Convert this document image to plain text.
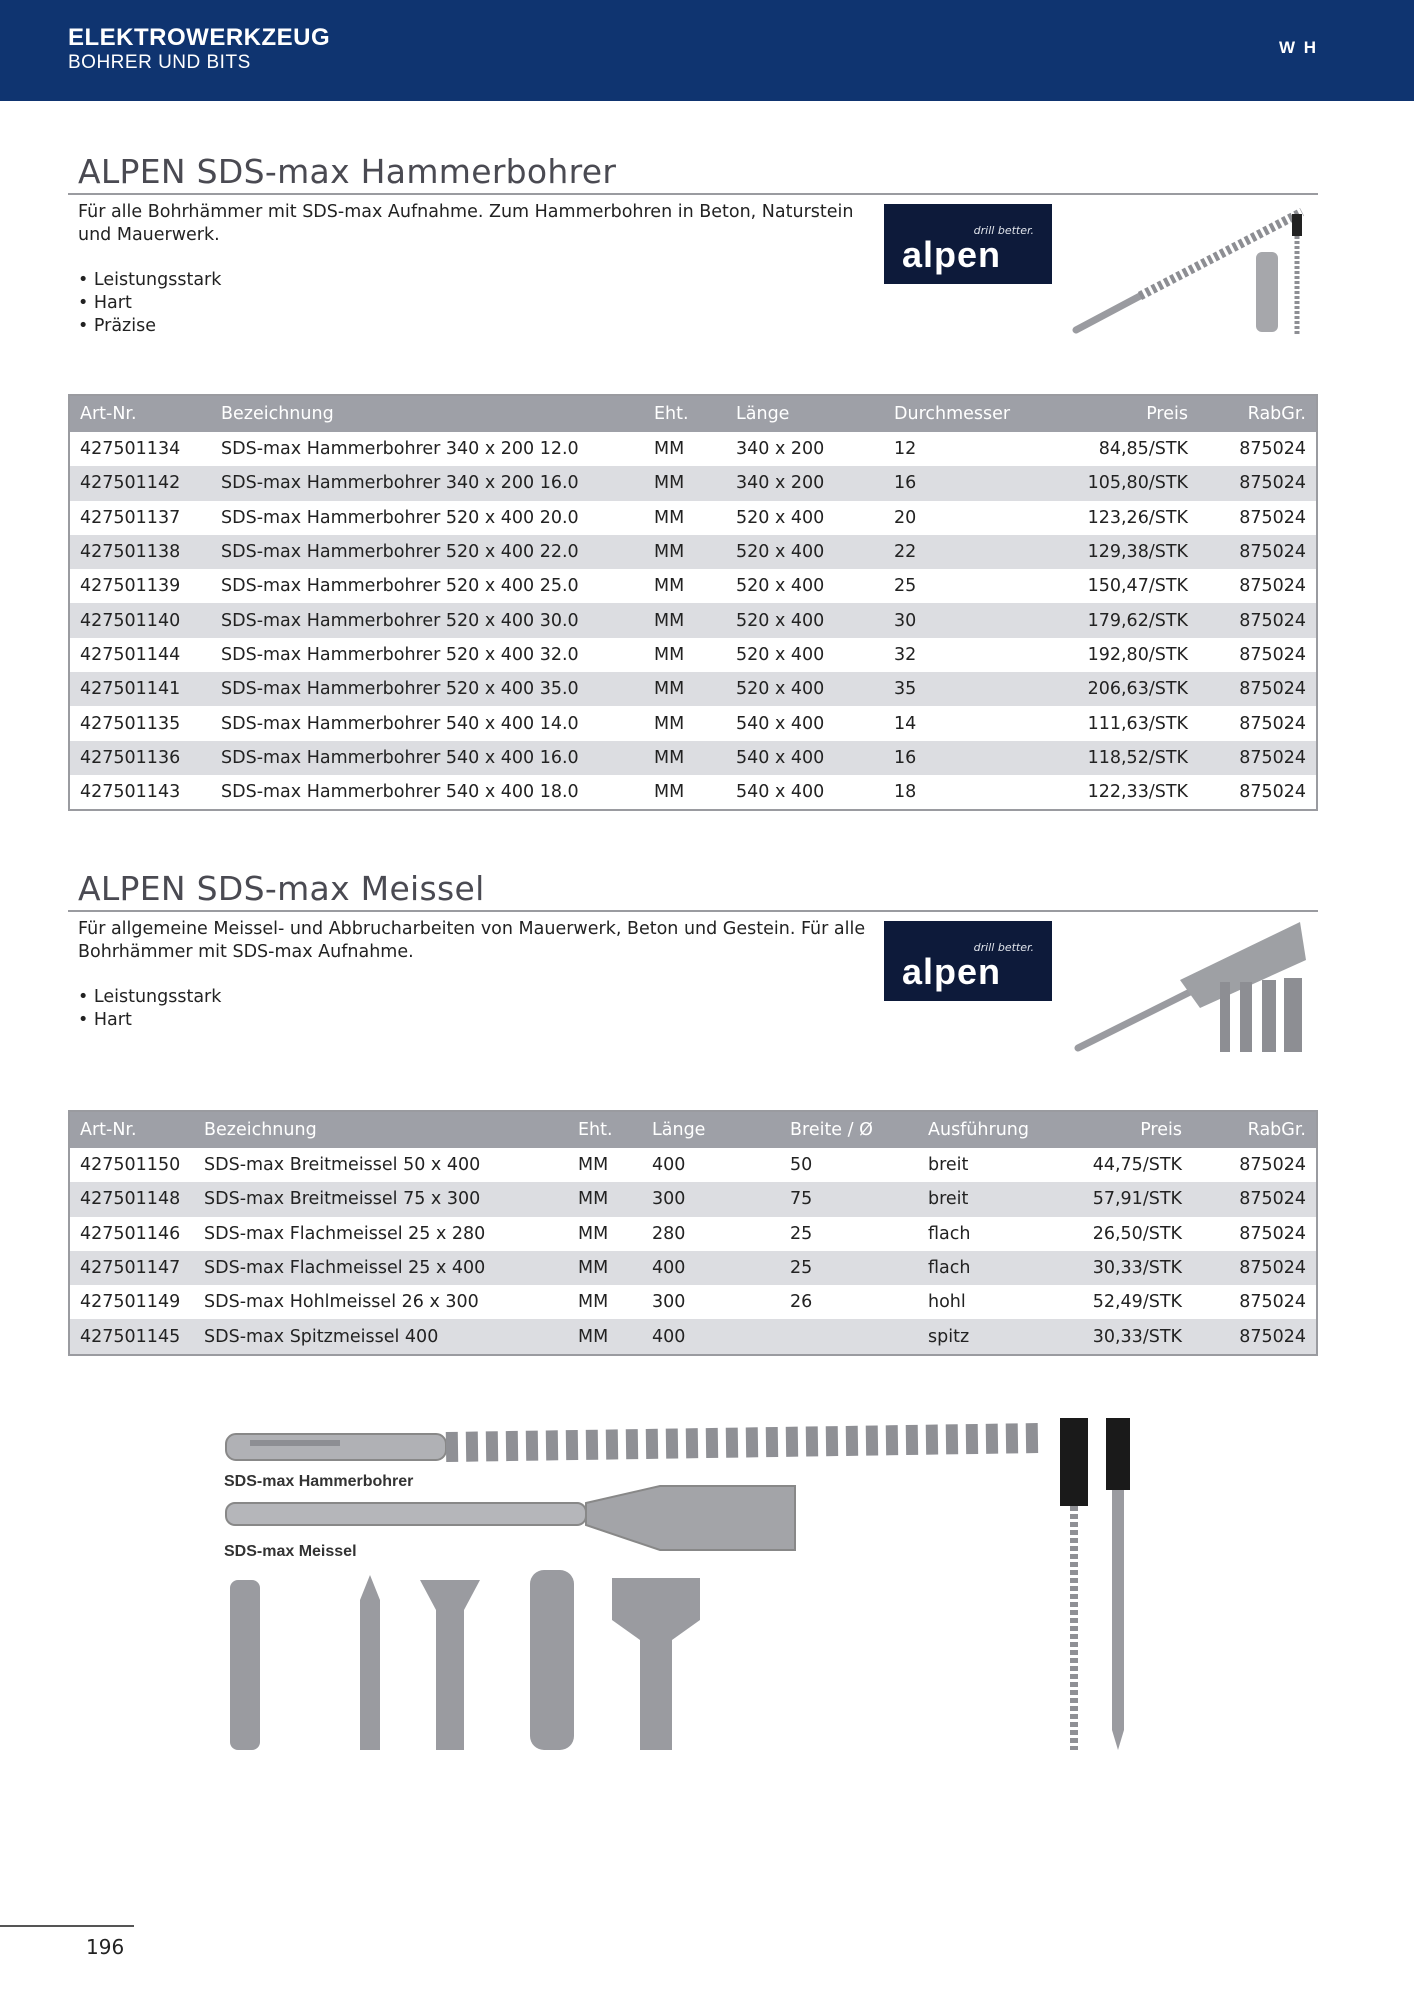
ELEKTROWERKZEUG
BOHRER UND BITS
W H
ALPEN SDS-max Hammerbohrer
Für alle Bohrhämmer mit SDS-max Aufnahme. Zum Hammerbohren in Beton, Naturstein und Mauerwerk.
• Leistungsstark
• Hart
• Präzise
drill better.
alpen
Art-Nr.	Bezeichnung	Eht.	Länge	Durchmesser	Preis	RabGr.
427501134	SDS-max Hammerbohrer 340 x 200 12.0	MM	340 x 200	12	84,85/STK	875024
427501142	SDS-max Hammerbohrer 340 x 200 16.0	MM	340 x 200	16	105,80/STK	875024
427501137	SDS-max Hammerbohrer 520 x 400 20.0	MM	520 x 400	20	123,26/STK	875024
427501138	SDS-max Hammerbohrer 520 x 400 22.0	MM	520 x 400	22	129,38/STK	875024
427501139	SDS-max Hammerbohrer 520 x 400 25.0	MM	520 x 400	25	150,47/STK	875024
427501140	SDS-max Hammerbohrer 520 x 400 30.0	MM	520 x 400	30	179,62/STK	875024
427501144	SDS-max Hammerbohrer 520 x 400 32.0	MM	520 x 400	32	192,80/STK	875024
427501141	SDS-max Hammerbohrer 520 x 400 35.0	MM	520 x 400	35	206,63/STK	875024
427501135	SDS-max Hammerbohrer 540 x 400 14.0	MM	540 x 400	14	111,63/STK	875024
427501136	SDS-max Hammerbohrer 540 x 400 16.0	MM	540 x 400	16	118,52/STK	875024
427501143	SDS-max Hammerbohrer 540 x 400 18.0	MM	540 x 400	18	122,33/STK	875024
ALPEN SDS-max Meissel
Für allgemeine Meissel- und Abbrucharbeiten von Mauerwerk, Beton und Gestein. Für alle Bohrhämmer mit SDS-max Aufnahme.
• Leistungsstark
• Hart
drill better.
alpen
Art-Nr.	Bezeichnung	Eht.	Länge	Breite / Ø	Ausführung	Preis	RabGr.
427501150	SDS-max Breitmeissel 50 x 400	MM	400	50	breit	44,75/STK	875024
427501148	SDS-max Breitmeissel 75 x 300	MM	300	75	breit	57,91/STK	875024
427501146	SDS-max Flachmeissel 25 x 280	MM	280	25	flach	26,50/STK	875024
427501147	SDS-max Flachmeissel 25 x 400	MM	400	25	flach	30,33/STK	875024
427501149	SDS-max Hohlmeissel 26 x 300	MM	300	26	hohl	52,49/STK	875024
427501145	SDS-max Spitzmeissel 400	MM	400		spitz	30,33/STK	875024
SDS-max Hammerbohrer
SDS-max Meissel
196
